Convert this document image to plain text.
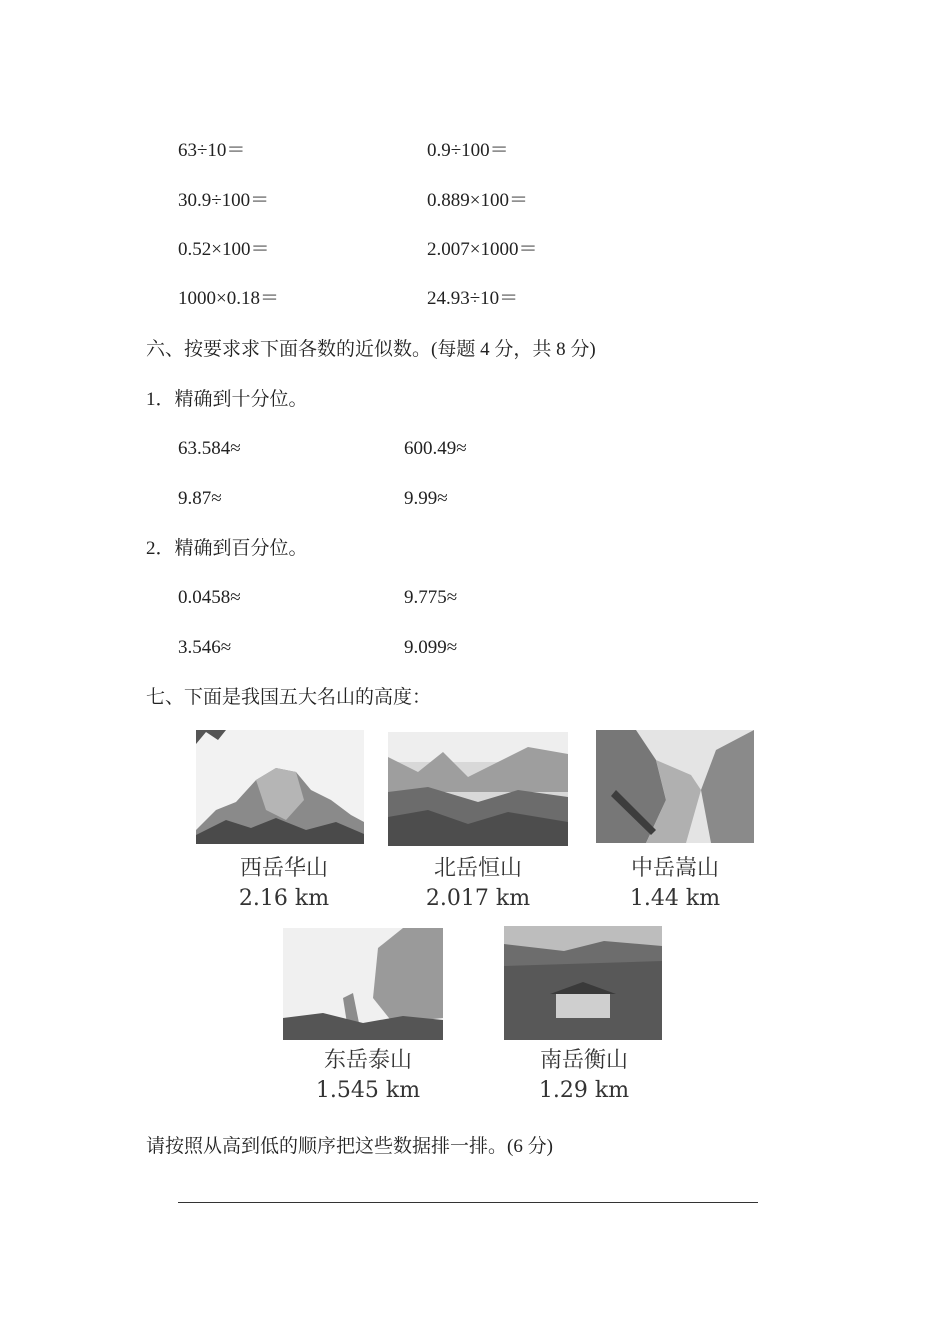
63÷10＝	0.9÷100＝
30.9÷100＝	0.889×100＝
0.52×100＝	2.007×1000＝
1000×0.18＝	24.93÷10＝
六、按要求求下面各数的近似数。(每题 4 分，共 8 分)
1．精确到十分位。
63.584≈	600.49≈
9.87≈	9.99≈
2．精确到百分位。
0.0458≈	9.775≈
3.546≈	9.099≈
七、下面是我国五大名山的高度：
西岳华山
2.16 km
北岳恒山
2.017 km
中岳嵩山
1.44 km
东岳泰山
1.545 km
南岳衡山
1.29 km
请按照从高到低的顺序把这些数据排一排。(6 分)
